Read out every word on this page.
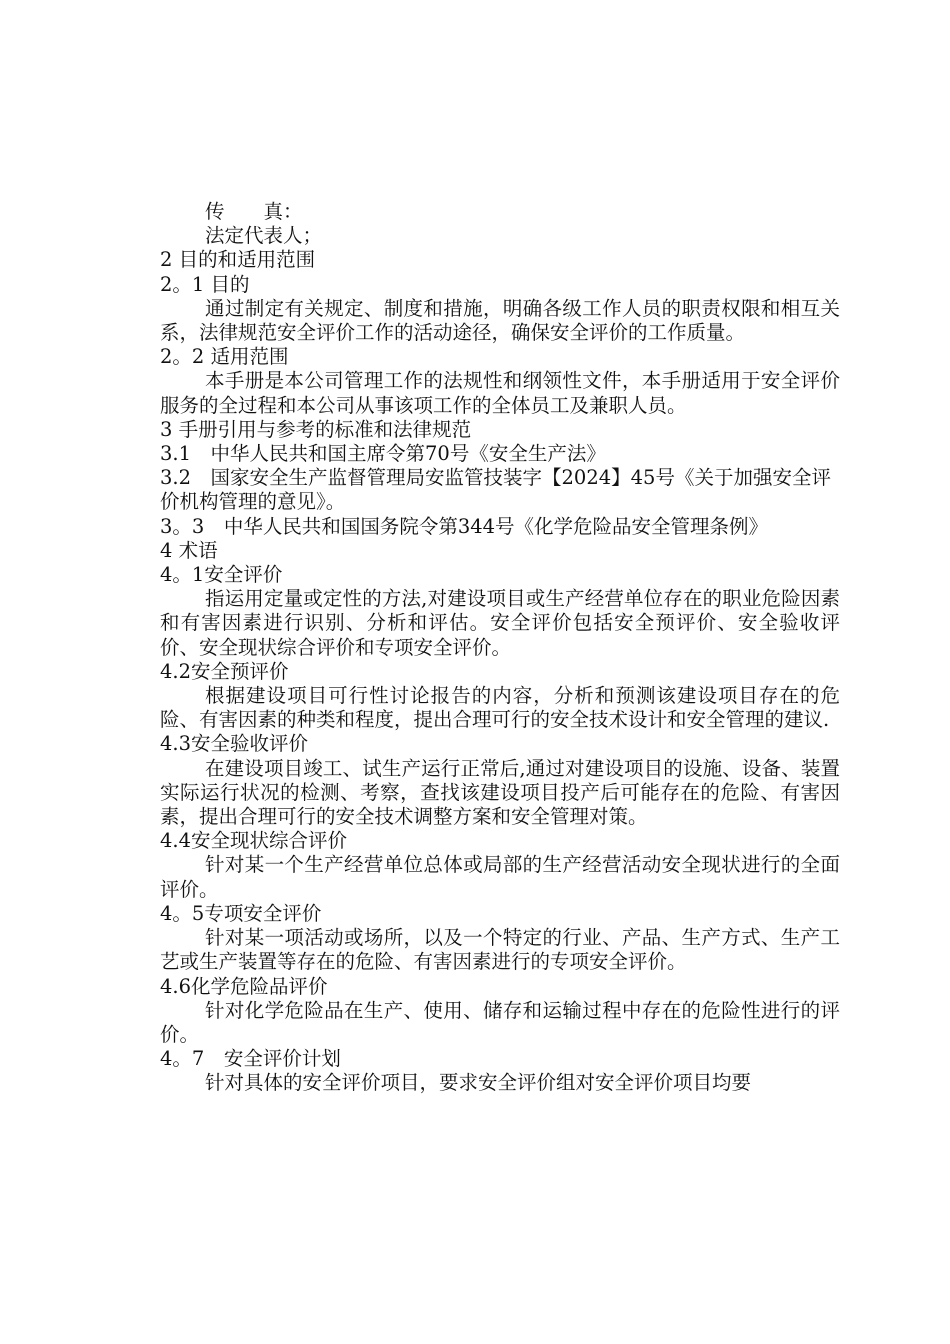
传　　真：
法定代表人；
2 目的和适用范围
2。1 目的
通过制定有关规定、制度和措施，明确各级工作人员的职责权限和相互关系，法律规范安全评价工作的活动途径，确保安全评价的工作质量。
2。2 适用范围
本手册是本公司管理工作的法规性和纲领性文件，本手册适用于安全评价服务的全过程和本公司从事该项工作的全体员工及兼职人员。
3 手册引用与参考的标准和法律规范
3.1　中华人民共和国主席令第70号《安全生产法》
3.2　国家安全生产监督管理局安监管技装字【2024】45号《关于加强安全评价机构管理的意见》。
3。3　中华人民共和国国务院令第344号《化学危险品安全管理条例》
4 术语
4。1安全评价
指运用定量或定性的方法,对建设项目或生产经营单位存在的职业危险因素和有害因素进行识别、分析和评估。安全评价包括安全预评价、安全验收评价、安全现状综合评价和专项安全评价。
4.2安全预评价
根据建设项目可行性讨论报告的内容，分析和预测该建设项目存在的危险、有害因素的种类和程度，提出合理可行的安全技术设计和安全管理的建议.
4.3安全验收评价
在建设项目竣工、试生产运行正常后,通过对建设项目的设施、设备、装置实际运行状况的检测、考察，查找该建设项目投产后可能存在的危险、有害因素，提出合理可行的安全技术调整方案和安全管理对策。
4.4安全现状综合评价
针对某一个生产经营单位总体或局部的生产经营活动安全现状进行的全面评价。
4。5专项安全评价
针对某一项活动或场所，以及一个特定的行业、产品、生产方式、生产工艺或生产装置等存在的危险、有害因素进行的专项安全评价。
4.6化学危险品评价
针对化学危险品在生产、使用、储存和运输过程中存在的危险性进行的评价。
4。7　安全评价计划
针对具体的安全评价项目，要求安全评价组对安全评价项目均要
